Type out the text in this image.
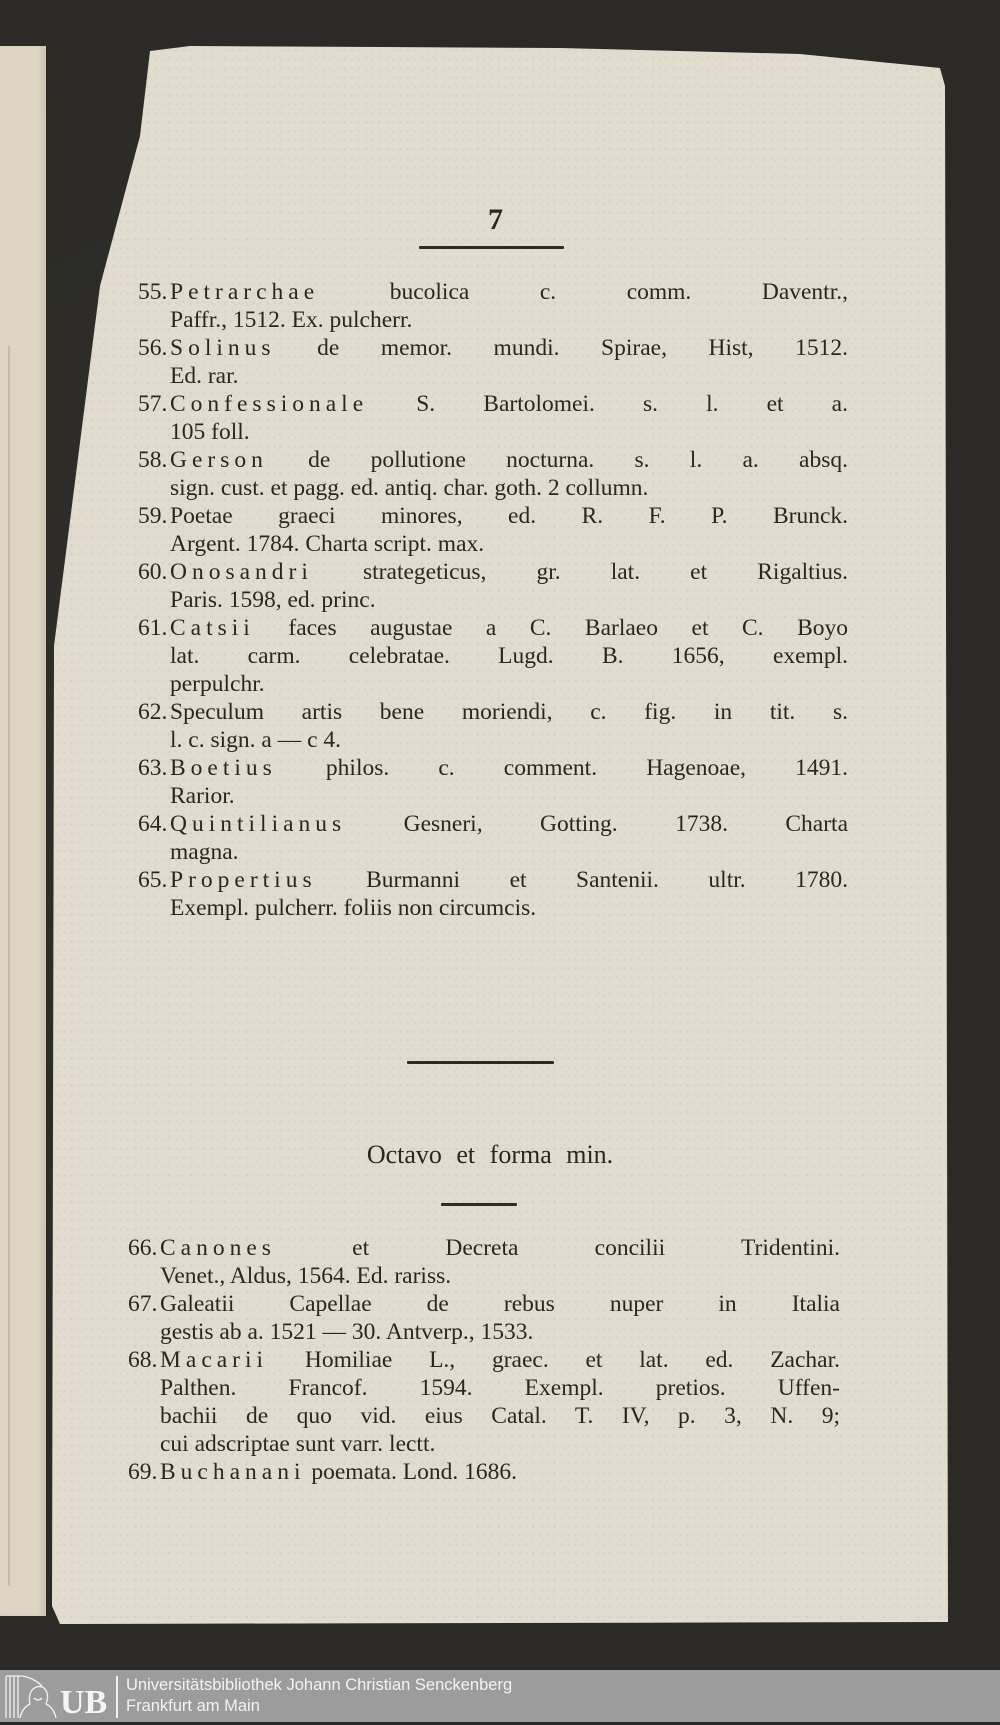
7
55. Petrarchae bucolica c. comm. Daventr.,
Paffr., 1512. Ex. pulcherr.
56. Solinus de memor. mundi. Spirae, Hist, 1512.
Ed. rar.
57. Confessionale S. Bartolomei. s. l. et a.
105 foll.
58. Gerson de pollutione nocturna. s. l. a. absq.
sign. cust. et pagg. ed. antiq. char. goth. 2 collumn.
59. Poetae graeci minores, ed. R. F. P. Brunck.
Argent. 1784. Charta script. max.
60. Onosandri strategeticus, gr. lat. et Rigaltius.
Paris. 1598, ed. princ.
61. Catsii faces augustae a C. Barlaeo et C. Boyo
lat. carm. celebratae. Lugd. B. 1656, exempl.
perpulchr.
62. Speculum artis bene moriendi, c. fig. in tit. s.
l. c. sign. a — c 4.
63. Boetius philos. c. comment. Hagenoae, 1491.
Rarior.
64. Quintilianus Gesneri, Gotting. 1738. Charta
magna.
65. Propertius Burmanni et Santenii. ultr. 1780.
Exempl. pulcherr. foliis non circumcis.
Octavo et forma min.
66. Canones et Decreta concilii Tridentini.
Venet., Aldus, 1564. Ed. rariss.
67. Galeatii Capellae de rebus nuper in Italia
gestis ab a. 1521 — 30. Antverp., 1533.
68. Macarii Homiliae L., graec. et lat. ed. Zachar.
Palthen. Francof. 1594. Exempl. pretios. Uffen-
bachii de quo vid. eius Catal. T. IV, p. 3, N. 9;
cui adscriptae sunt varr. lectt.
69. Buchanani poemata. Lond. 1686.
UB Universitätsbibliothek Johann Christian Senckenberg
Frankfurt am Main
